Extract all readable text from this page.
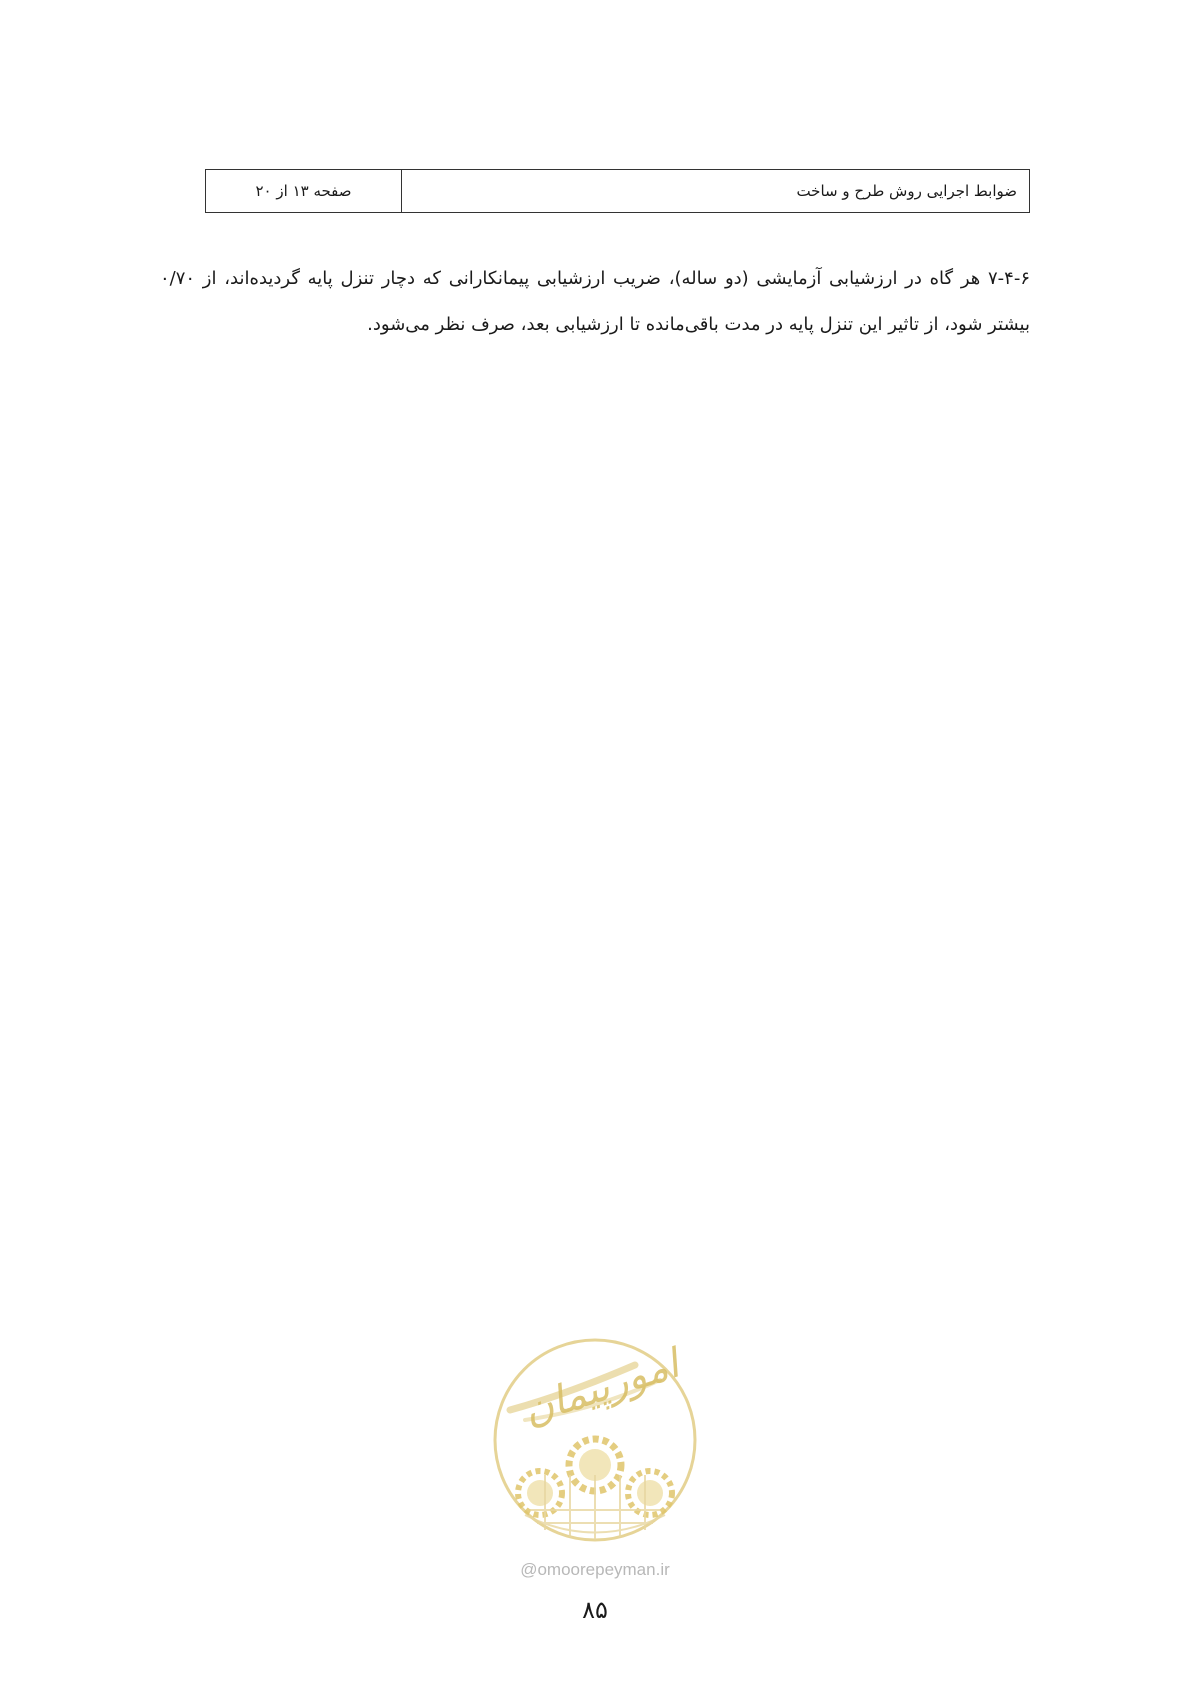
صفحه ۱۳ از ۲۰	ضوابط اجرایی روش طرح و ساخت
۷-۴-۶ هر گاه در ارزشیابی آزمایشی (دو ساله)، ضریب ارزشیابی پیمانکارانی که دچار تنزل پایه گردیده‌اند، از ۰/۷۰ بیشتر شود، از تاثیر این تنزل پایه در مدت باقی‌مانده تا ارزشیابی بعد، صرف نظر می‌شود.
امورپیمان
@omoorepeyman.ir
۸۵
